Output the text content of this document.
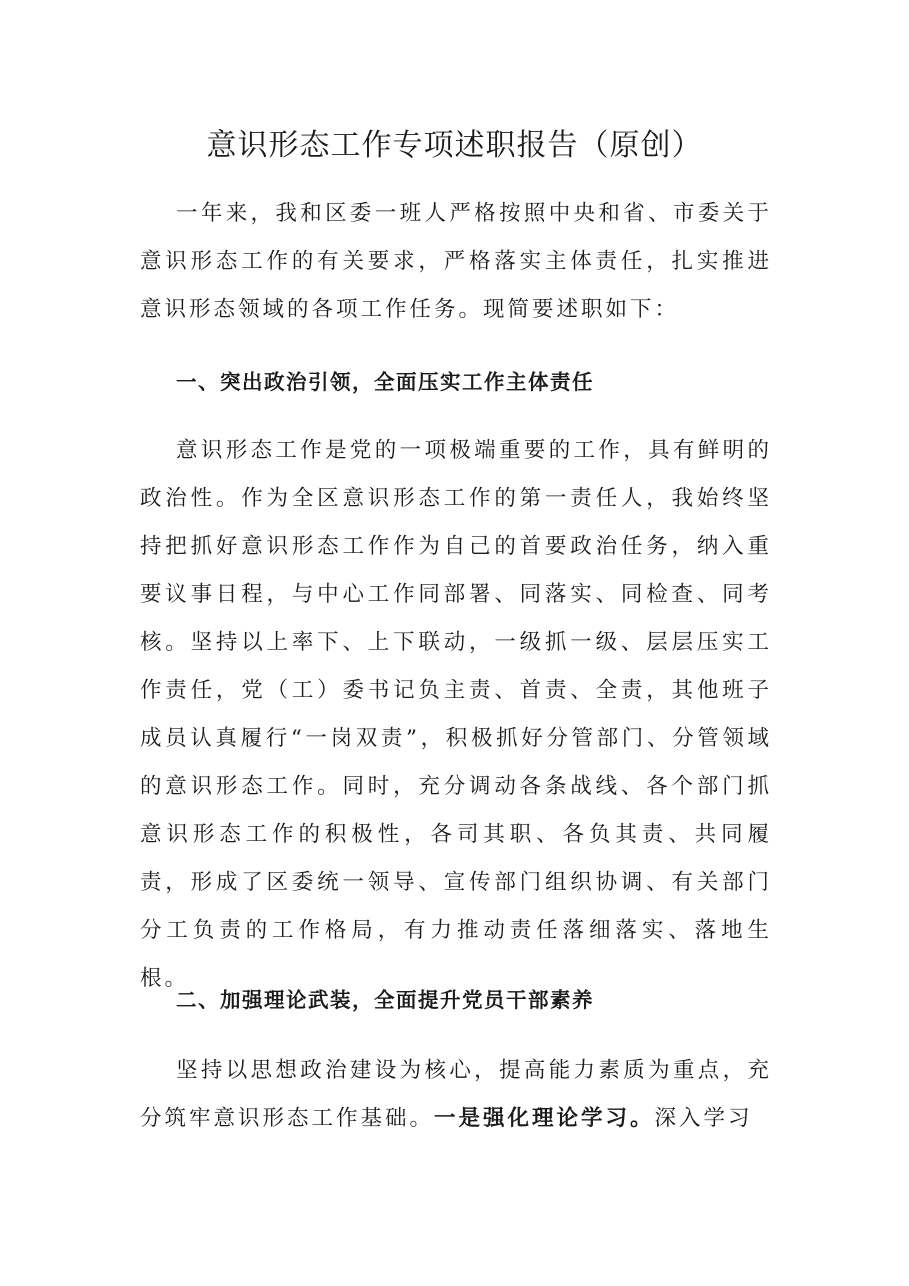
意识形态工作专项述职报告（原创）

一年来，我和区委一班人严格按照中央和省、市委关于意识形态工作的有关要求，严格落实主体责任，扎实推进意识形态领域的各项工作任务。现简要述职如下：

一、突出政治引领，全面压实工作主体责任

意识形态工作是党的一项极端重要的工作，具有鲜明的政治性。作为全区意识形态工作的第一责任人，我始终坚持把抓好意识形态工作作为自己的首要政治任务，纳入重要议事日程，与中心工作同部署、同落实、同检查、同考核。坚持以上率下、上下联动，一级抓一级、层层压实工作责任，党（工）委书记负主责、首责、全责，其他班子成员认真履行“一岗双责”，积极抓好分管部门、分管领域的意识形态工作。同时，充分调动各条战线、各个部门抓意识形态工作的积极性，各司其职、各负其责、共同履责，形成了区委统一领导、宣传部门组织协调、有关部门分工负责的工作格局，有力推动责任落细落实、落地生根。

二、加强理论武装，全面提升党员干部素养

坚持以思想政治建设为核心，提高能力素质为重点，充分筑牢意识形态工作基础。一是强化理论学习。深入学习
